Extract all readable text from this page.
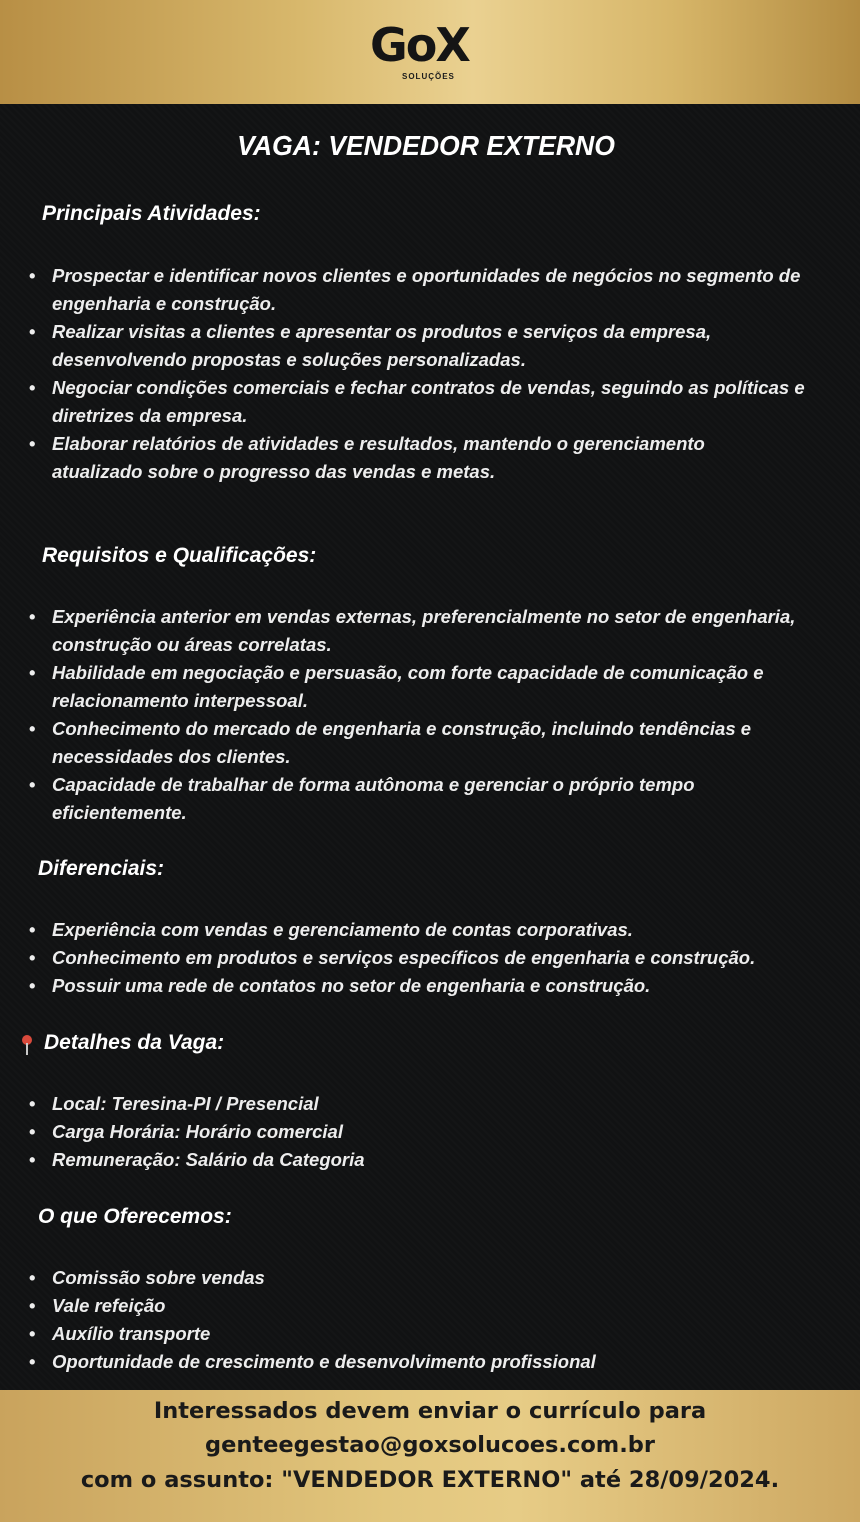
GoX
SOLUÇÕES
VAGA: VENDEDOR EXTERNO
Principais Atividades:
• Prospectar e identificar novos clientes e oportunidades de negócios no segmento de
engenharia e construção.
• Realizar visitas a clientes e apresentar os produtos e serviços da empresa,
desenvolvendo propostas e soluções personalizadas.
• Negociar condições comerciais e fechar contratos de vendas, seguindo as políticas e
diretrizes da empresa.
• Elaborar relatórios de atividades e resultados, mantendo o gerenciamento
atualizado sobre o progresso das vendas e metas.
Requisitos e Qualificações:
• Experiência anterior em vendas externas, preferencialmente no setor de engenharia,
construção ou áreas correlatas.
• Habilidade em negociação e persuasão, com forte capacidade de comunicação e
relacionamento interpessoal.
• Conhecimento do mercado de engenharia e construção, incluindo tendências e
necessidades dos clientes.
• Capacidade de trabalhar de forma autônoma e gerenciar o próprio tempo
eficientemente.
Diferenciais:
• Experiência com vendas e gerenciamento de contas corporativas.
• Conhecimento em produtos e serviços específicos de engenharia e construção.
• Possuir uma rede de contatos no setor de engenharia e construção.
Detalhes da Vaga:
• Local: Teresina-PI / Presencial
• Carga Horária: Horário comercial
• Remuneração: Salário da Categoria
O que Oferecemos:
• Comissão sobre vendas
• Vale refeição
• Auxílio transporte
• Oportunidade de crescimento e desenvolvimento profissional
Interessados devem enviar o currículo para
genteegestao@goxsolucoes.com.br
com o assunto: "VENDEDOR EXTERNO" até 28/09/2024.
